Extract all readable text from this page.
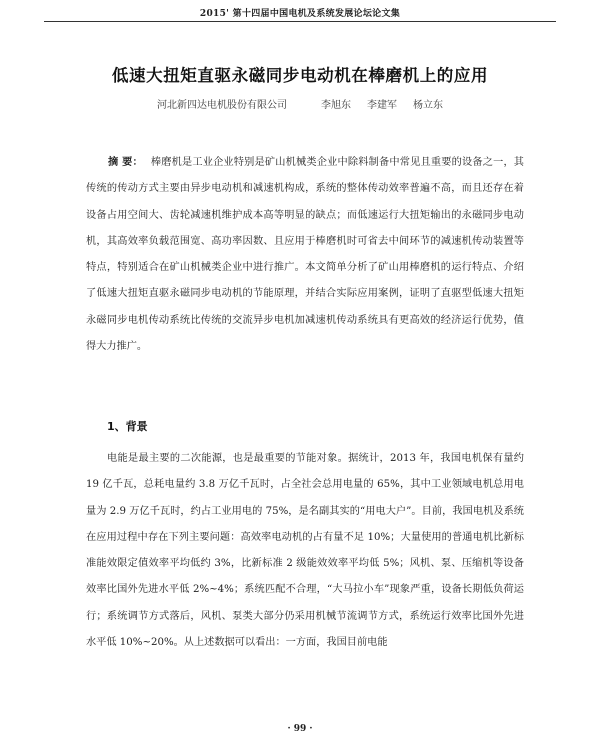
2015' 第十四届中国电机及系统发展论坛论文集
低速大扭矩直驱永磁同步电动机在棒磨机上的应用
河北新四达电机股份有限公司	李旭东 李建军 杨立东
摘 要： 棒磨机是工业企业特别是矿山机械类企业中除料制备中常见且重要的设备之一，其传统的传动方式主要由异步电动机和减速机构成，系统的整体传动效率普遍不高，而且还存在着设备占用空间大、齿轮减速机维护成本高等明显的缺点；而低速运行大扭矩输出的永磁同步电动机，其高效率负载范围宽、高功率因数、且应用于棒磨机时可省去中间环节的减速机传动装置等特点，特别适合在矿山机械类企业中进行推广。本文简单分析了矿山用棒磨机的运行特点、介绍了低速大扭矩直驱永磁同步电动机的节能原理，并结合实际应用案例，证明了直驱型低速大扭矩永磁同步电机传动系统比传统的交流异步电机加减速机传动系统具有更高效的经济运行优势，值得大力推广。
1、背景
电能是最主要的二次能源，也是最重要的节能对象。据统计，2013 年，我国电机保有量约 19 亿千瓦，总耗电量约 3.8 万亿千瓦时，占全社会总用电量的 65%，其中工业领域电机总用电量为 2.9 万亿千瓦时，约占工业用电的 75%，是名副其实的“用电大户”。目前，我国电机及系统在应用过程中存在下列主要问题：高效率电动机的占有量不足 10%；大量使用的普通电机比新标准能效限定值效率平均低约 3%，比新标准 2 级能效效率平均低 5%；风机、泵、压缩机等设备效率比国外先进水平低 2%~4%；系统匹配不合理，“大马拉小车”现象严重，设备长期低负荷运行；系统调节方式落后，风机、泵类大部分仍采用机械节流调节方式，系统运行效率比国外先进水平低 10%~20%。从上述数据可以看出：一方面，我国目前电能
· 99 ·
